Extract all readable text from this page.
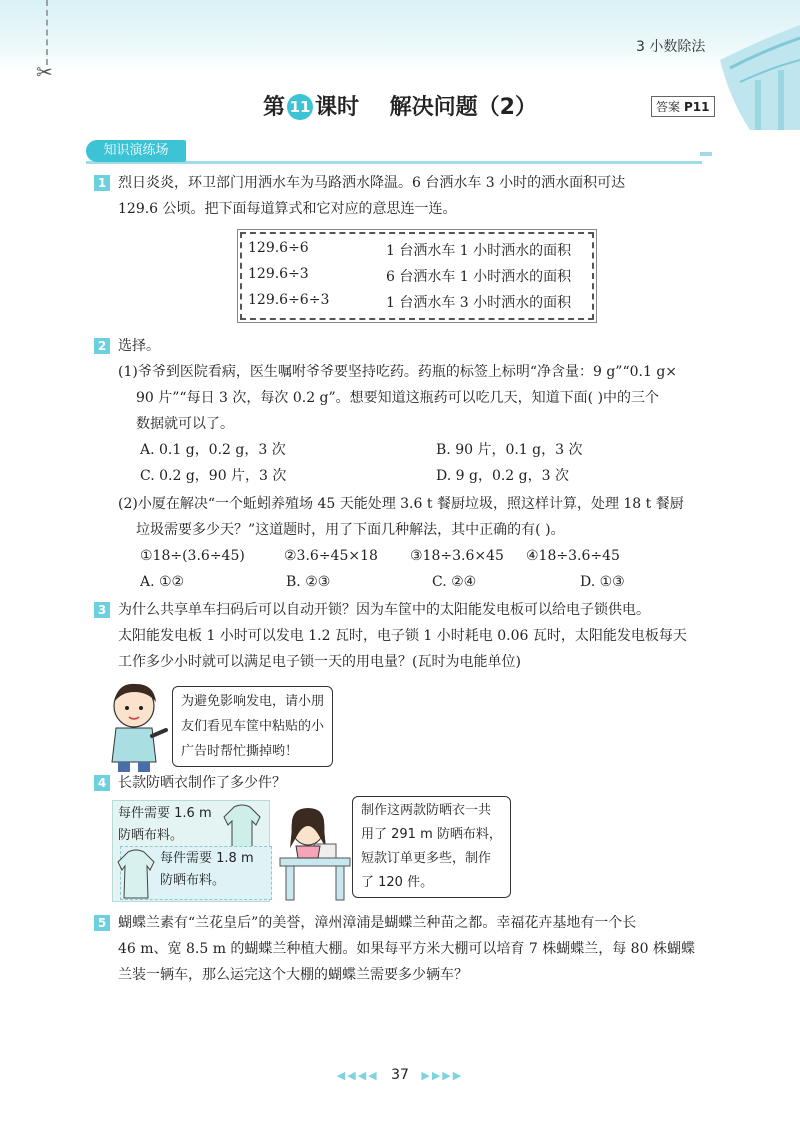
✂
3 小数除法
第 11 课时    解决问题（2）	答案 P11
知识演练场
1 烈日炎炎，环卫部门用洒水车为马路洒水降温。6 台洒水车 3 小时的洒水面积可达
129.6 公顷。把下面每道算式和它对应的意思连一连。
129.6÷6	1 台洒水车 1 小时洒水的面积
129.6÷3	6 台洒水车 1 小时洒水的面积
129.6÷6÷3	1 台洒水车 3 小时洒水的面积
2 选择。
(1)爷爷到医院看病，医生嘱咐爷爷要坚持吃药。药瓶的标签上标明“净含量：9 g”“0.1 g×
90 片”“每日 3 次，每次 0.2 g”。想要知道这瓶药可以吃几天，知道下面( )中的三个
数据就可以了。
A. 0.1 g，0.2 g，3 次	B. 90 片，0.1 g，3 次
C. 0.2 g，90 片，3 次	D. 9 g，0.2 g，3 次
(2)小厦在解决“一个蚯蚓养殖场 45 天能处理 3.6 t 餐厨垃圾，照这样计算，处理 18 t 餐厨
垃圾需要多少天？”这道题时，用了下面几种解法，其中正确的有( )。
①18÷(3.6÷45)	②3.6÷45×18 ③18÷3.6×45 ④18÷3.6÷45
A. ①②	B. ②③	C. ②④	D. ①③
3 为什么共享单车扫码后可以自动开锁？因为车筐中的太阳能发电板可以给电子锁供电。
太阳能发电板 1 小时可以发电 1.2 瓦时，电子锁 1 小时耗电 0.06 瓦时，太阳能发电板每天
工作多少小时就可以满足电子锁一天的用电量？(瓦时为电能单位)
为避免影响发电，请小朋
友们看见车筐中粘贴的小
广告时帮忙撕掉哟！
4 长款防晒衣制作了多少件？
每件需要 1.6 m
防晒布料。
每件需要 1.8 m
防晒布料。
制作这两款防晒衣一共
用了 291 m 防晒布料，
短款订单更多些，制作
了 120 件。
5 蝴蝶兰素有“兰花皇后”的美誉，漳州漳浦是蝴蝶兰种苗之都。幸福花卉基地有一个长
46 m、宽 8.5 m 的蝴蝶兰种植大棚。如果每平方米大棚可以培育 7 株蝴蝶兰，每 80 株蝴蝶
兰装一辆车，那么运完这个大棚的蝴蝶兰需要多少辆车？
◀◀◀◀ 37 ▶▶▶▶
